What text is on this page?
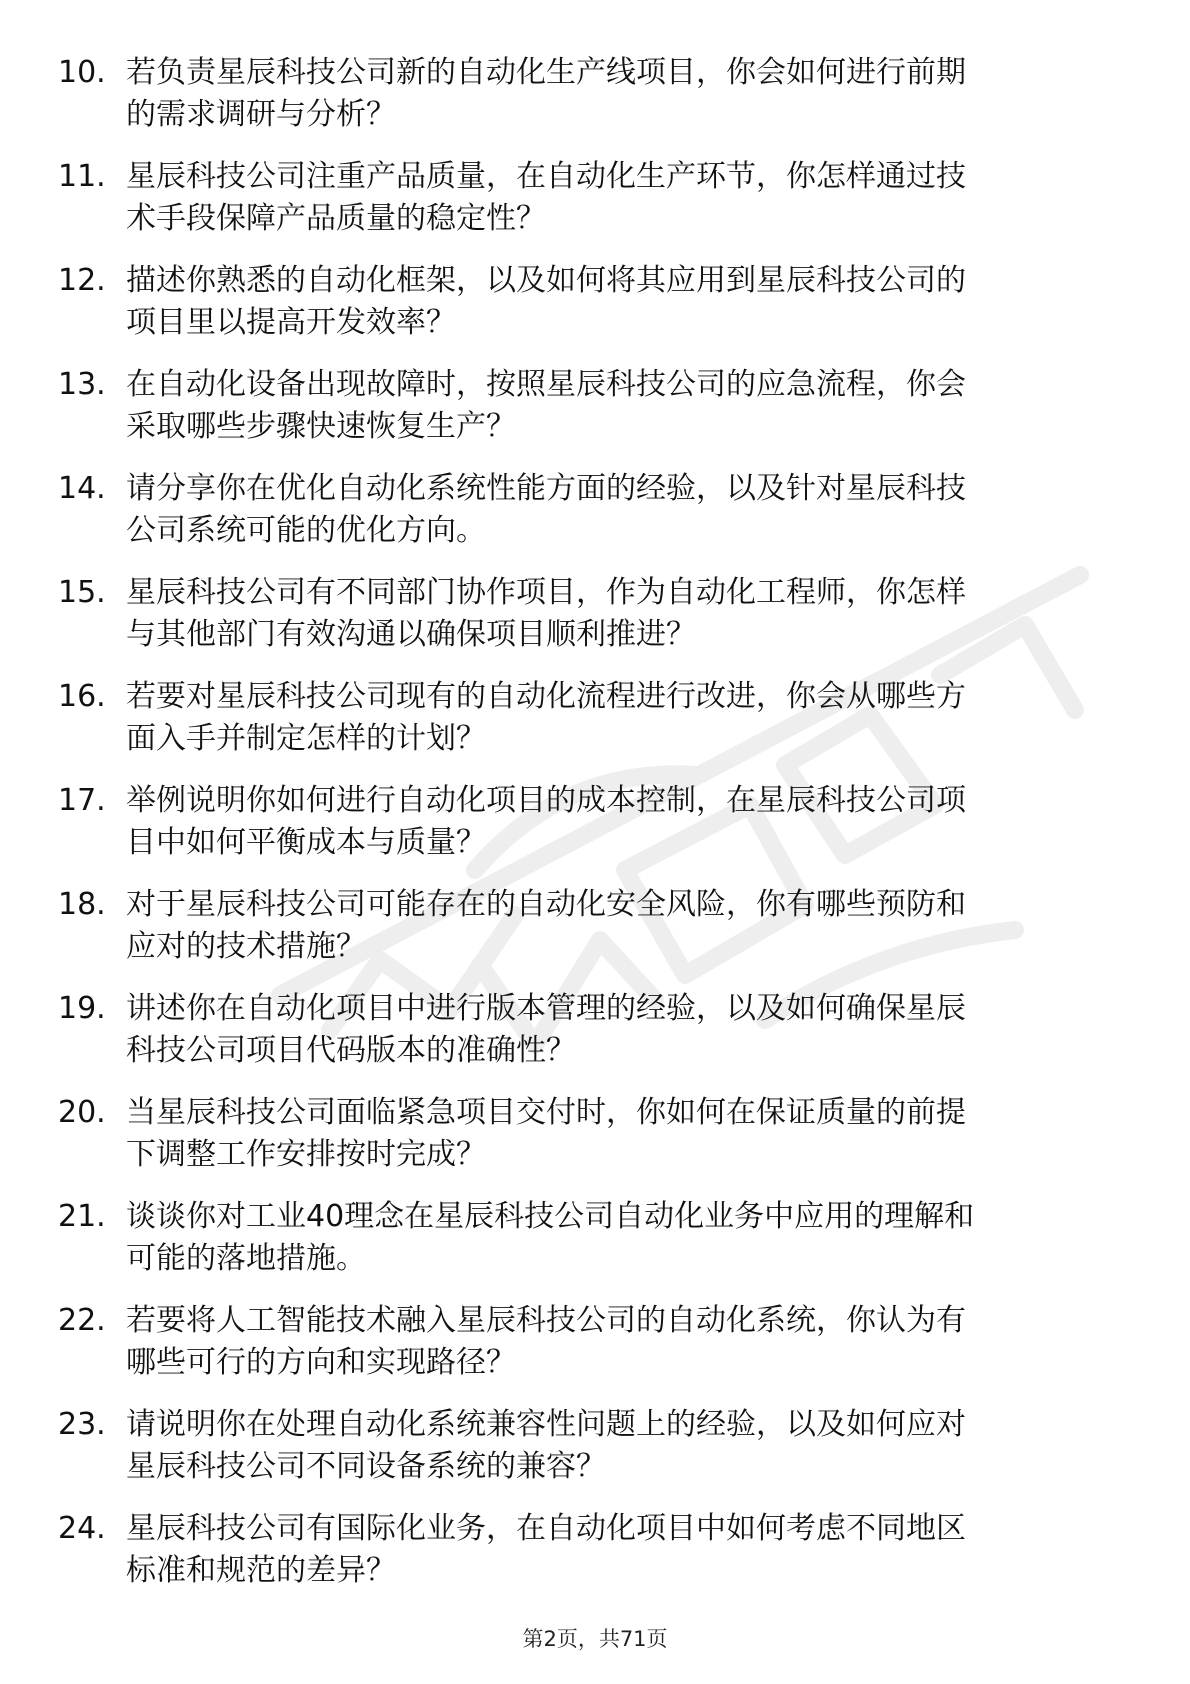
10. 若负责星辰科技公司新的自动化生产线项目，你会如何进行前期
的需求调研与分析？
11. 星辰科技公司注重产品质量，在自动化生产环节，你怎样通过技
术手段保障产品质量的稳定性？
12. 描述你熟悉的自动化框架，以及如何将其应用到星辰科技公司的
项目里以提高开发效率？
13. 在自动化设备出现故障时，按照星辰科技公司的应急流程，你会
采取哪些步骤快速恢复生产？
14. 请分享你在优化自动化系统性能方面的经验，以及针对星辰科技
公司系统可能的优化方向。
15. 星辰科技公司有不同部门协作项目，作为自动化工程师，你怎样
与其他部门有效沟通以确保项目顺利推进？
16. 若要对星辰科技公司现有的自动化流程进行改进，你会从哪些方
面入手并制定怎样的计划？
17. 举例说明你如何进行自动化项目的成本控制，在星辰科技公司项
目中如何平衡成本与质量？
18. 对于星辰科技公司可能存在的自动化安全风险，你有哪些预防和
应对的技术措施？
19. 讲述你在自动化项目中进行版本管理的经验，以及如何确保星辰
科技公司项目代码版本的准确性？
20. 当星辰科技公司面临紧急项目交付时，你如何在保证质量的前提
下调整工作安排按时完成？
21. 谈谈你对工业40理念在星辰科技公司自动化业务中应用的理解和
可能的落地措施。
22. 若要将人工智能技术融入星辰科技公司的自动化系统，你认为有
哪些可行的方向和实现路径？
23. 请说明你在处理自动化系统兼容性问题上的经验，以及如何应对
星辰科技公司不同设备系统的兼容？
24. 星辰科技公司有国际化业务，在自动化项目中如何考虑不同地区
标准和规范的差异？
第2页，共71页
